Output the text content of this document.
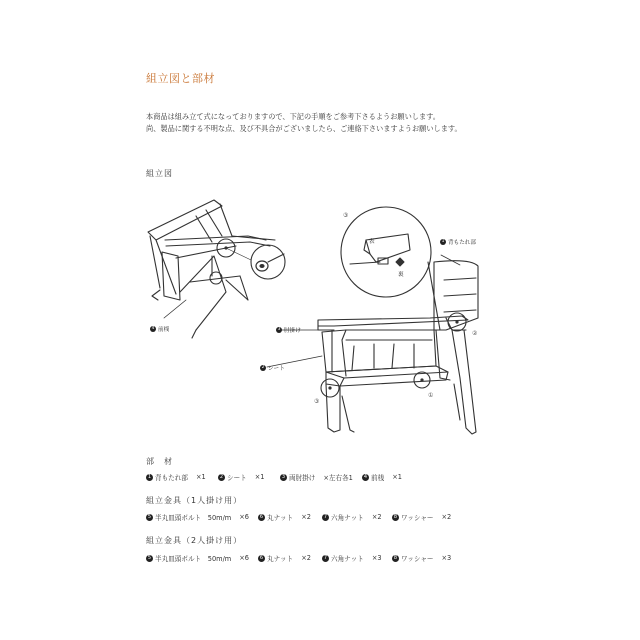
組立図と部材
本商品は組み立て式になっておりますので、下記の手順をご参考下さるようお願いします。
尚、製品に関する不明な点、及び不具合がございましたら、ご連絡下さいますようお願いします。
組立図
4 前桟
1 背もたれ部
3 肘掛け
2 シート
表
裏
③
②
①
③
部　材
1 背もたれ部 ×1	2 シート ×1	3 両肘掛け ×左右各1	4 前桟 ×1
組立金具（1人掛け用）
5 半丸皿頭ボルト　50m/m ×6	6 丸ナット ×2	7 六角ナット ×2	8 ワッシャー ×2
組立金具（2人掛け用）
5 半丸皿頭ボルト　50m/m ×6	6 丸ナット ×2	7 六角ナット ×3	8 ワッシャー ×3
